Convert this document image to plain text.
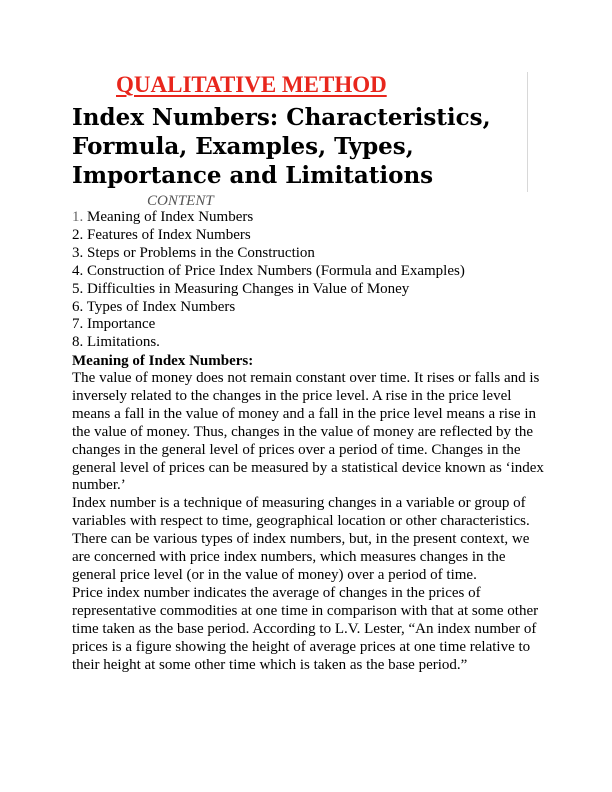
QUALITATIVE METHOD
Index Numbers: Characteristics, Formula, Examples, Types, Importance and Limitations
CONTENT
1. Meaning of Index Numbers
2. Features of Index Numbers
3. Steps or Problems in the Construction
4. Construction of Price Index Numbers (Formula and Examples)
5. Difficulties in Measuring Changes in Value of Money
6. Types of Index Numbers
7. Importance
8. Limitations.
Meaning of Index Numbers:

The value of money does not remain constant over time. It rises or falls and is inversely related to the changes in the price level. A rise in the price level means a fall in the value of money and a fall in the price level means a rise in the value of money. Thus, changes in the value of money are reflected by the changes in the general level of prices over a period of time. Changes in the general level of prices can be measured by a statistical device known as ‘index number.’

Index number is a technique of measuring changes in a variable or group of variables with respect to time, geographical location or other characteristics. There can be various types of index numbers, but, in the present context, we are concerned with price index numbers, which measures changes in the general price level (or in the value of money) over a period of time.

Price index number indicates the average of changes in the prices of representative commodities at one time in comparison with that at some other time taken as the base period. According to L.V. Lester, “An index number of prices is a figure showing the height of average prices at one time relative to their height at some other time which is taken as the base period.”
